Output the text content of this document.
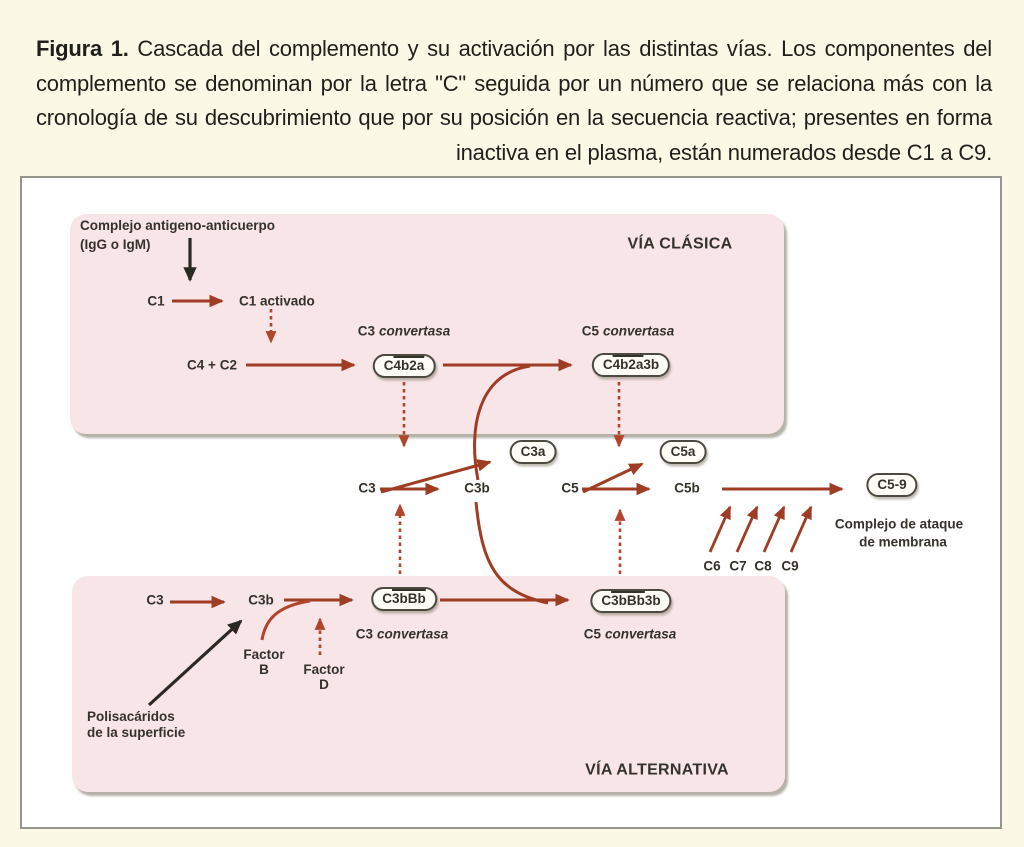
Figura 1. Cascada del complemento y su activación por las distintas vías. Los componentes del complemento se denominan por la letra "C" seguida por un número que se relaciona más con la cronología de su descubrimiento que por su posición en la secuencia reactiva; presentes en forma inactiva en el plasma, están numerados desde C1 a C9.

Complejo antigeno-anticuerpo
(IgG o IgM)	VÍA CLÁSICA
C1	C1 activado
C4 + C2
C3 convertasa	C5 convertasa
C3	C3b	C5	C5b
C6 C7 C8 C9
Complejo de ataque
de membrana
C3	C3b
C3 convertasa	C5 convertasa
Factor
B	Factor
D
Polisacáridos
de la superficie
VÍA ALTERNATIVA
C4b2a	C4b2a3b
C3a	C5a
C5-9
C3bBb	C3bBb3b
